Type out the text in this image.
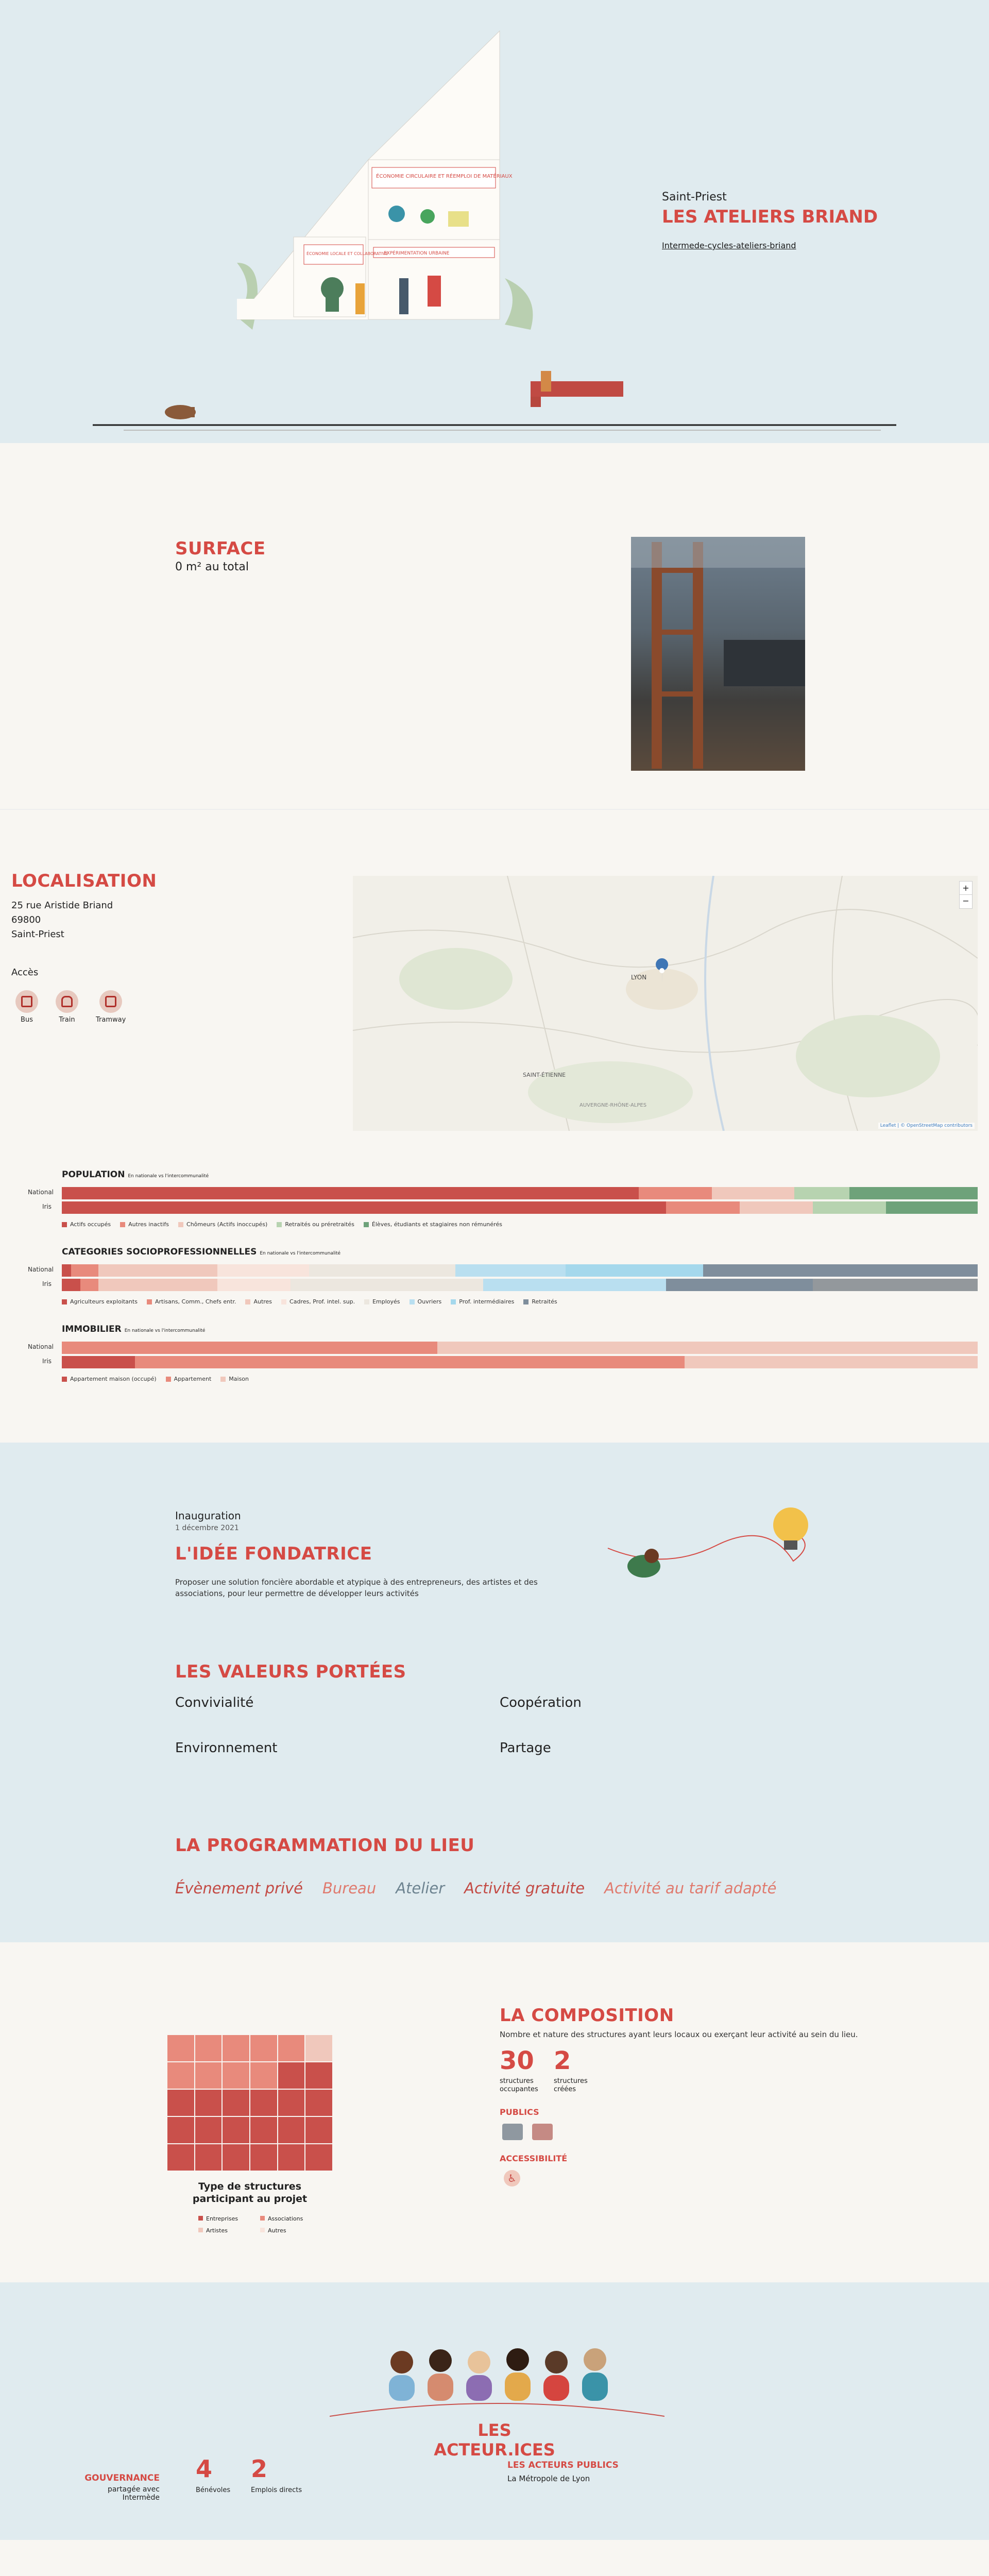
ÉCONOMIE CIRCULAIRE ET RÉEMPLOI DE MATÉRIAUX
ÉCONOMIE LOCALE ET COLLABORATIVE
EXPÉRIMENTATION URBAINE
Saint-Priest
LES ATELIERS BRIAND
Intermede-cycles-ateliers-briand
SURFACE
0 m² au total
LOCALISATION
25 rue Aristide Briand
69800
Saint-Priest
Accès
Bus	Train	Tramway
LYON
SAINT-ÉTIENNE
AUVERGNE-RHÔNE-ALPES
Leaflet | © OpenStreetMap contributors
+
−
POPULATION En nationale vs l'intercommunalité
National
Iris
Actifs occupés	Autres inactifs	Chômeurs (Actifs inoccupés)	Retraités ou préretraités	Élèves, étudiants et stagiaires non rémunérés
CATEGORIES SOCIOPROFESSIONNELLES En nationale vs l'intercommunalité
National
Iris
Agriculteurs exploitants	Artisans, Comm., Chefs entr.	Autres	Cadres, Prof. intel. sup.	Employés	Ouvriers	Prof. intermédiaires	Retraités
IMMOBILIER En nationale vs l'intercommunalité
National
Iris
Appartement maison (occupé)	Appartement	Maison
Inauguration
1 décembre 2021
L'IDÉE FONDATRICE
Proposer une solution foncière abordable et atypique à des entrepreneurs, des artistes et des associations, pour leur permettre de développer leurs activités
LES VALEURS PORTÉES
Convivialité	Coopération
Environnement	Partage
LA PROGRAMMATION DU LIEU
Évènement privé Bureau Atelier Activité gratuite Activité au tarif adapté
Type de structures participant au projet
Entreprises	Associations
Artistes	Autres
LA COMPOSITION
Nombre et nature des structures ayant leurs locaux ou exerçant leur activité au sein du lieu.
30
structures occupantes
2
structures créées
PUBLICS
ACCESSIBILITÉ
♿
LES ACTEUR.ICES
GOUVERNANCE
partagée avec Intermède
4
Bénévoles
2
Emplois directs
LES ACTEURS PUBLICS
La Métropole de Lyon
